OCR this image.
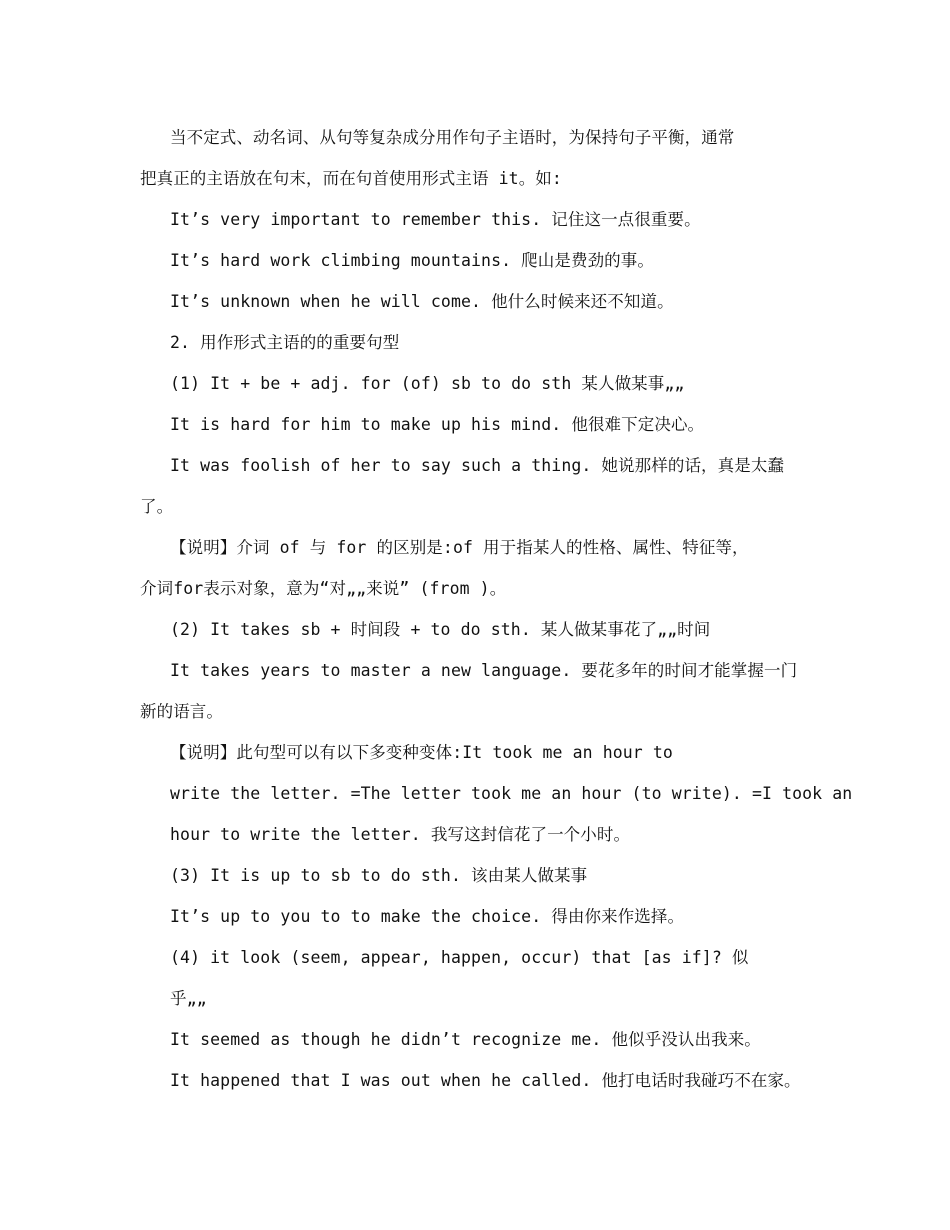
当不定式、动名词、从句等复杂成分用作句子主语时，为保持句子平衡，通常
把真正的主语放在句末，而在句首使用形式主语 it。如:
It’s very important to remember this. 记住这一点很重要。
It’s hard work climbing mountains. 爬山是费劲的事。
It’s unknown when he will come. 他什么时候来还不知道。
2. 用作形式主语的的重要句型
(1) It + be + adj. for (of) sb to do sth 某人做某事„„
It is hard for him to make up his mind. 他很难下定决心。
It was foolish of her to say such a thing. 她说那样的话，真是太蠢
了。
【说明】介词 of 与 for 的区别是:of 用于指某人的性格、属性、特征等，
介词for表示对象，意为“对„„来说” (from )。
(2) It takes sb + 时间段 + to do sth. 某人做某事花了„„时间
It takes years to master a new language. 要花多年的时间才能掌握一门
新的语言。
【说明】此句型可以有以下多变种变体:It took me an hour to
write the letter. =The letter took me an hour (to write). =I took an
hour to write the letter. 我写这封信花了一个小时。
(3) It is up to sb to do sth. 该由某人做某事
It’s up to you to to make the choice. 得由你来作选择。
(4) it look (seem, appear, happen, occur) that [as if]? 似
乎„„
It seemed as though he didn’t recognize me. 他似乎没认出我来。
It happened that I was out when he called. 他打电话时我碰巧不在家。
